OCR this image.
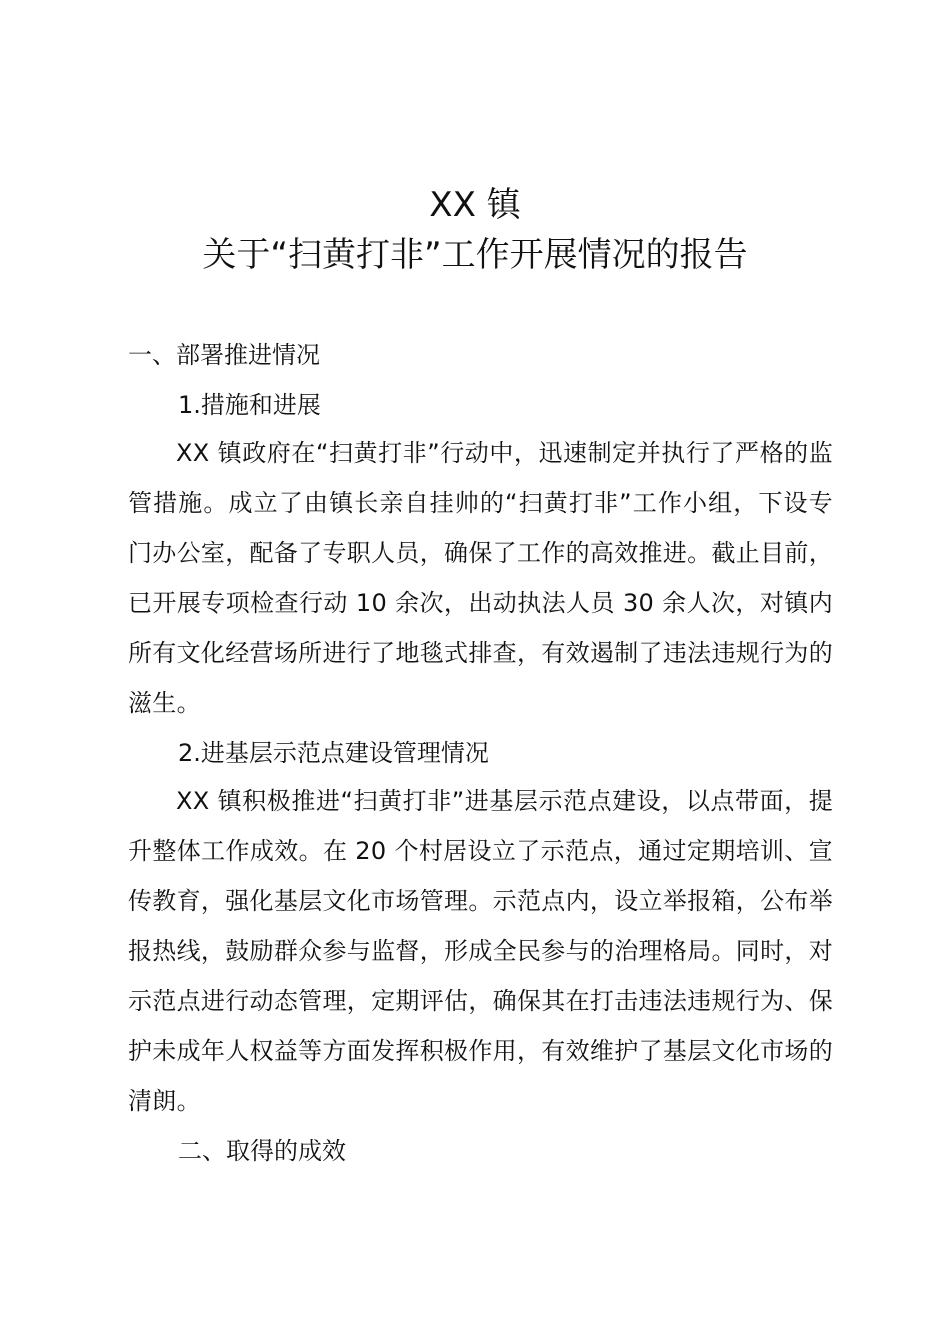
XX 镇
关于“扫黄打非”工作开展情况的报告
一、部署推进情况
1.措施和进展
XX 镇政府在“扫黄打非”行动中，迅速制定并执行了严格的监管措施。成立了由镇长亲自挂帅的“扫黄打非”工作小组，下设专门办公室，配备了专职人员，确保了工作的高效推进。截止目前，已开展专项检查行动 10 余次，出动执法人员 30 余人次，对镇内所有文化经营场所进行了地毯式排查，有效遏制了违法违规行为的滋生。
2.进基层示范点建设管理情况
XX 镇积极推进“扫黄打非”进基层示范点建设，以点带面，提升整体工作成效。在 20 个村居设立了示范点，通过定期培训、宣传教育，强化基层文化市场管理。示范点内，设立举报箱，公布举报热线，鼓励群众参与监督，形成全民参与的治理格局。同时，对示范点进行动态管理，定期评估，确保其在打击违法违规行为、保护未成年人权益等方面发挥积极作用，有效维护了基层文化市场的清朗。
二、取得的成效
